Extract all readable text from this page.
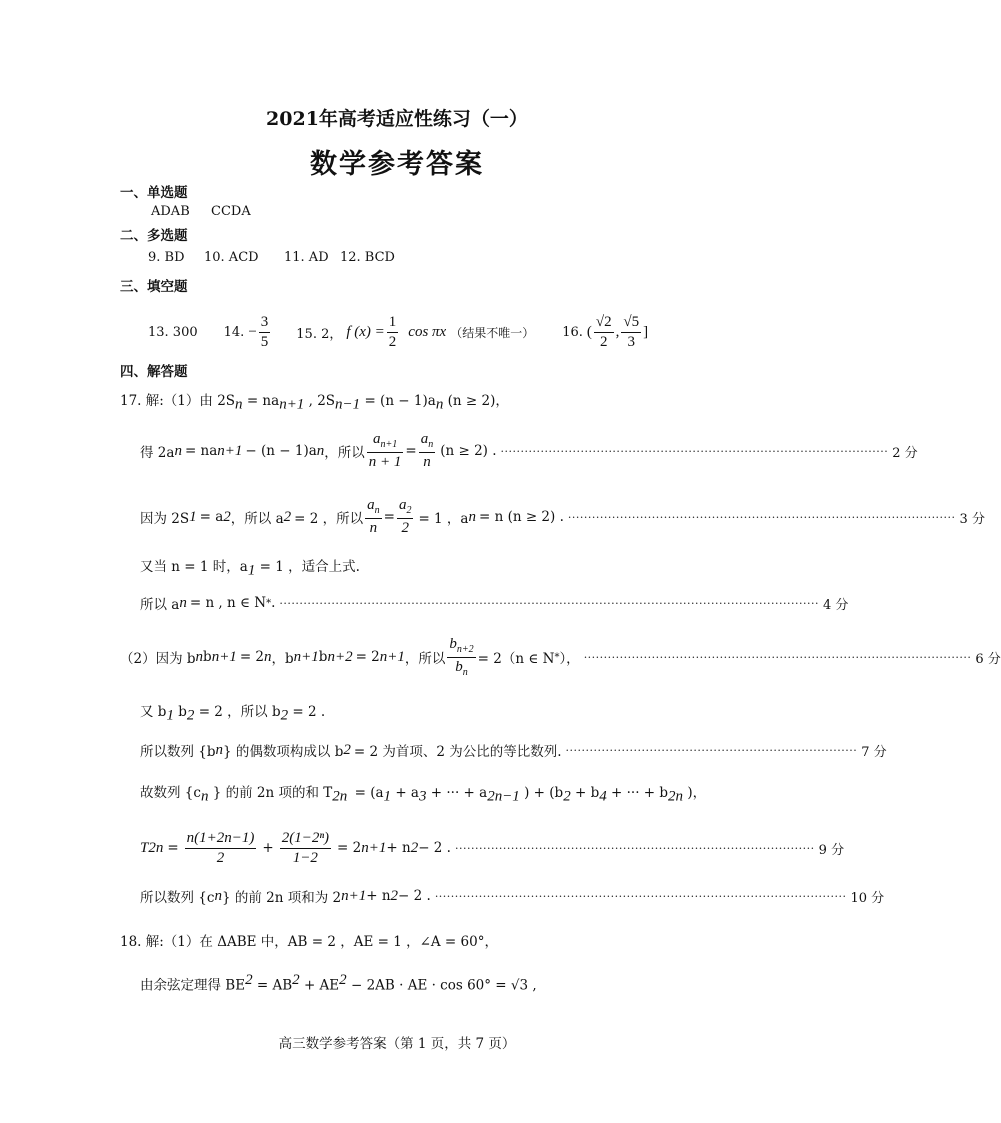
2021年高考适应性练习（一）
数学参考答案
一、单选题
ADAB CCDA
二、多选题
9. BD 10. ACD 11. AD 12. BCD
三、填空题
13. 300 14. − $\frac{3}{5} 15$. 2， f $(x) = \frac{1}{2}$ cos πx （结果不唯一） 16. ( $\frac{√2}{2}$ , $\frac{√5}{3}$ ]
四、解答题
17. 解:（1）由 $2S_n = na_{n+1}$ , $2S_{n-1} = (n - 1)a_n$ (n ≥ 2)，
得 2a n = na n+1 − (n − 1)a n ，所以 $\frac{a_{n+1}}{n + 1} = \frac{a_n}{n} (n \ge 2)$ . ································································································· 2 分
因为 2S 1 = a 2 ，所以 a 2 = 2 ，所以 $\frac{a_n}{n} = \frac{a_2}{2} = 1$ ，a n = n (n ≥ 2) . ································································································· 3 分
又当 n = 1 时，$a_1 = 1$ ，适合上式.
所以 a n = n , n ∈ N * . ······································································································································· 4 分
（2）因为 b n b n+1 = 2 n ，b n+1 b n+2 = 2 n+1 ，所以 $\frac{b_{n+2}}{b_n} = 2(n$ ∈ N * ）， ································································································· 6 分
又 $b_1$ $b_2 = 2$ ，所以 $b_2 = 2$ .
所以数列 {b n } 的偶数项构成以 b 2 = 2 为首项、2 为公比的等比数列. ········································································· 7 分
故数列 {$c_n$ } 的前 2n 项的和 $T_{2n} = (a_1 + a_3$ + ··· + $a_{2n-1}$ ) + ($b_2 + b_4$ + ··· + $b_{2n}$ )，
T $2n = \frac{n(1+2n-1)}{2} + \frac{\text{2(1−2ⁿ)}}{1-2} = 2$ n+1 + n 2 − 2 . ·························································································· 9 分
所以数列 {c n } 的前 2n 项和为 2 n+1 + n 2 − 2 . ······································································································· 10 分
18. 解:（1）在 ΔABE 中，AB = 2 ，AE = 1 ，∠A = 60°，
由余弦定理得 $BE^2 = AB^2 + AE^2 - 2AB$ · AE · cos 60° = √3 ,
高三数学参考答案（第 1 页，共 7 页）
